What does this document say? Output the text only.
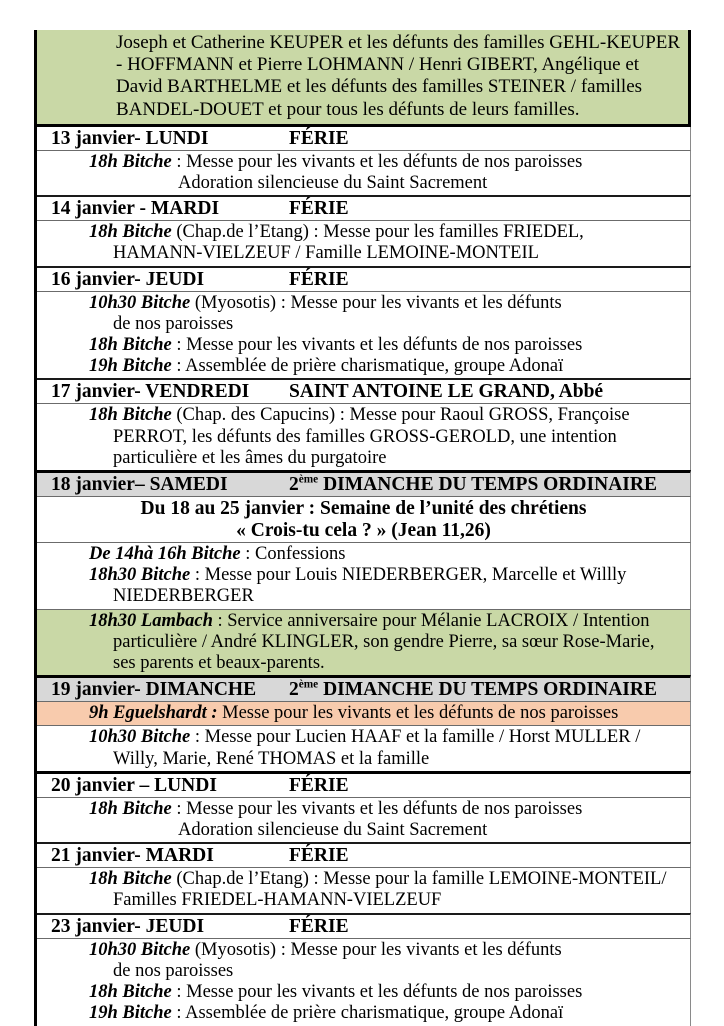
Joseph et Catherine KEUPER et les défunts des familles GEHL-KEUPER
- HOFFMANN et Pierre LOHMANN / Henri GIBERT, Angélique et
David BARTHELME et les défunts des familles STEINER / familles
BANDEL-DOUET et pour tous les défunts de leurs familles.
13 janvier- LUNDI	FÉRIE
18h Bitche : Messe pour les vivants et les défunts de nos paroisses
Adoration silencieuse du Saint Sacrement
14 janvier - MARDI	FÉRIE
18h Bitche (Chap.de l’Etang) : Messe pour les familles FRIEDEL,
HAMANN-VIELZEUF / Famille LEMOINE-MONTEIL
16 janvier- JEUDI	FÉRIE
10h30 Bitche (Myosotis) : Messe pour les vivants et les défunts
de nos paroisses
18h Bitche : Messe pour les vivants et les défunts de nos paroisses
19h Bitche : Assemblée de prière charismatique, groupe Adonaï
17 janvier- VENDREDI	SAINT ANTOINE LE GRAND, Abbé
18h Bitche (Chap. des Capucins) : Messe pour Raoul GROSS, Françoise
PERROT, les défunts des familles GROSS-GEROLD, une intention
particulière et les âmes du purgatoire
18 janvier– SAMEDI	2ème DIMANCHE DU TEMPS ORDINAIRE
Du 18 au 25 janvier : Semaine de l’unité des chrétiens
« Crois-tu cela ? » (Jean 11,26)
De 14hà 16h Bitche : Confessions
18h30 Bitche : Messe pour Louis NIEDERBERGER, Marcelle et Willly
NIEDERBERGER
18h30 Lambach : Service anniversaire pour Mélanie LACROIX / Intention
particulière / André KLINGLER, son gendre Pierre, sa sœur Rose-Marie,
ses parents et beaux-parents.
19 janvier- DIMANCHE	2ème DIMANCHE DU TEMPS ORDINAIRE
9h Eguelshardt : Messe pour les vivants et les défunts de nos paroisses
10h30 Bitche : Messe pour Lucien HAAF et la famille / Horst MULLER /
Willy, Marie, René THOMAS et la famille
20 janvier – LUNDI	FÉRIE
18h Bitche : Messe pour les vivants et les défunts de nos paroisses
Adoration silencieuse du Saint Sacrement
21 janvier- MARDI	FÉRIE
18h Bitche (Chap.de l’Etang) : Messe pour la famille LEMOINE-MONTEIL/
Familles FRIEDEL-HAMANN-VIELZEUF
23 janvier- JEUDI	FÉRIE
10h30 Bitche (Myosotis) : Messe pour les vivants et les défunts
de nos paroisses
18h Bitche : Messe pour les vivants et les défunts de nos paroisses
19h Bitche : Assemblée de prière charismatique, groupe Adonaï
